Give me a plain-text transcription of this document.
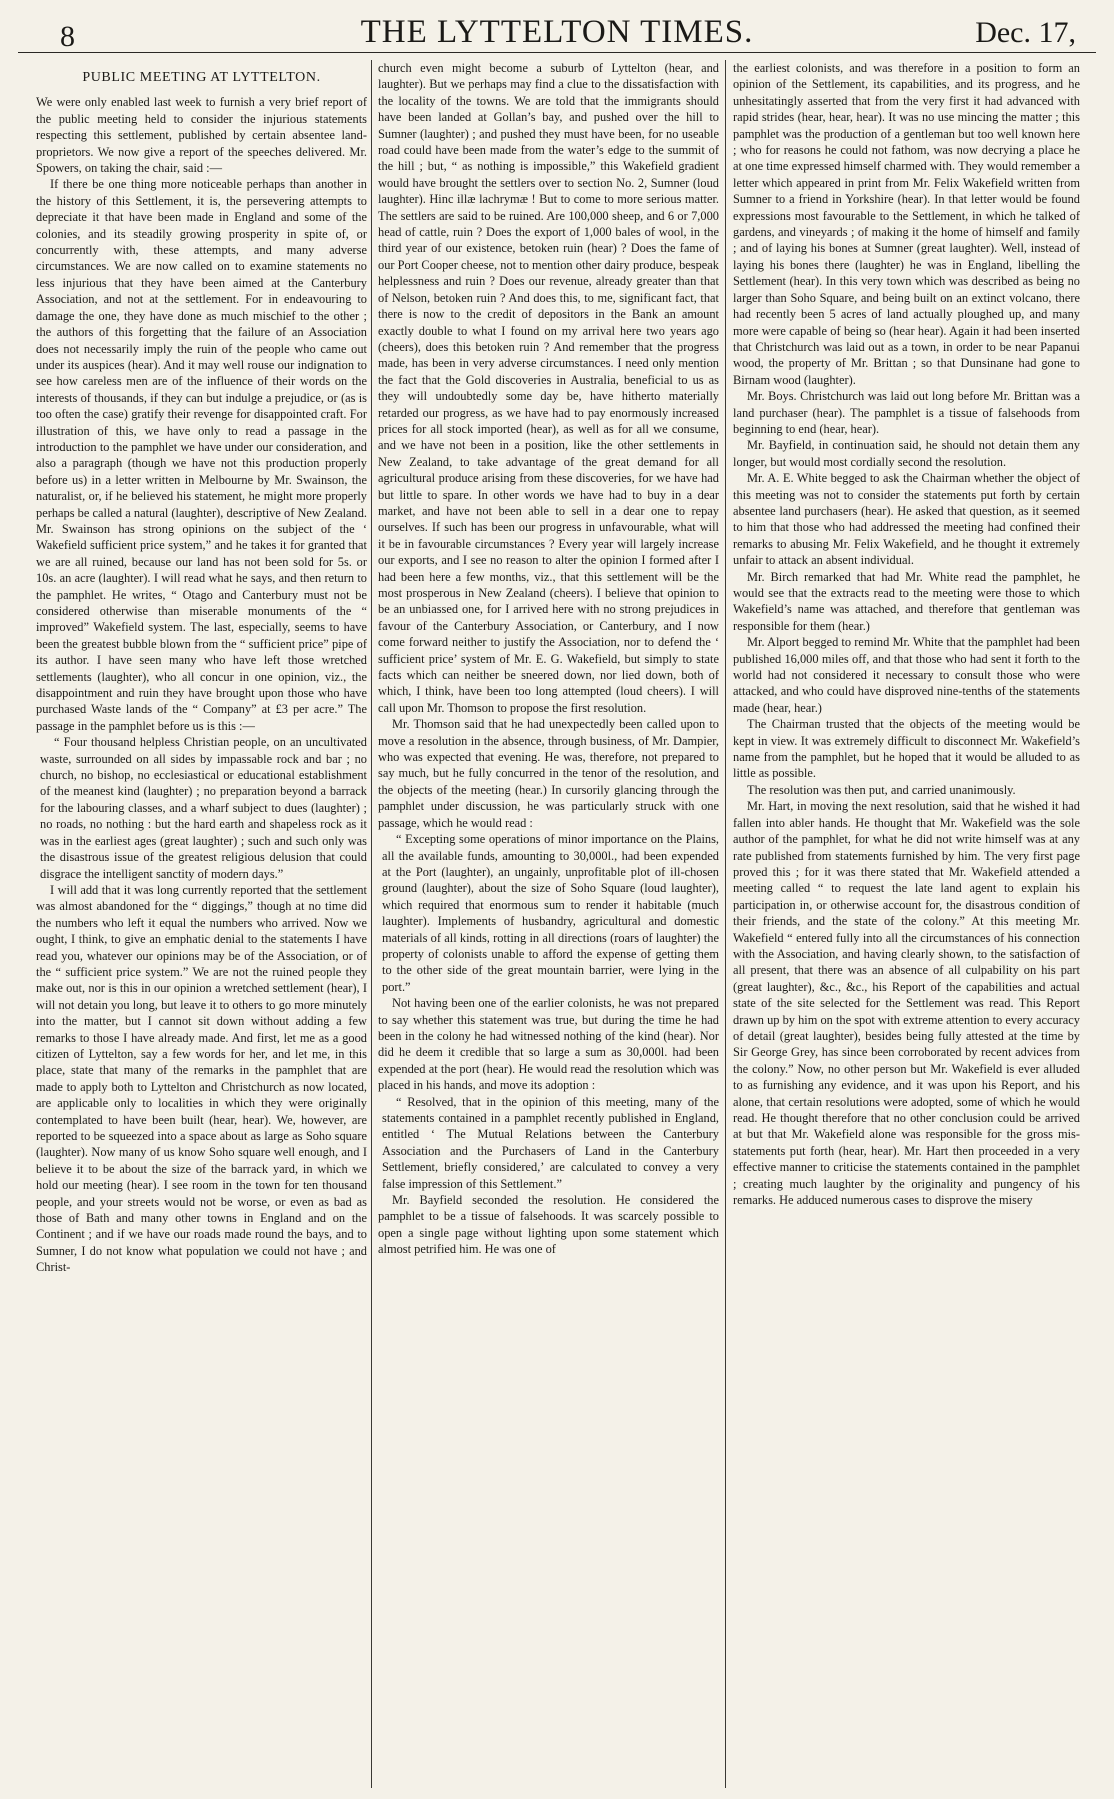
8	THE LYTTELTON TIMES.	Dec. 17,
PUBLIC MEETING AT LYTTELTON.

We were only enabled last week to furnish a very brief report of the public meeting held to consider the injurious statements respecting this settlement, published by certain absentee land-proprietors. We now give a report of the speeches delivered. Mr. Spowers, on taking the chair, said :—

If there be one thing more noticeable perhaps than another in the history of this Settlement, it is, the persevering attempts to depreciate it that have been made in England and some of the colonies, and its steadily growing prosperity in spite of, or concurrently with, these attempts, and many adverse circumstances. We are now called on to examine statements no less injurious that they have been aimed at the Canterbury Association, and not at the settlement. For in endeavouring to damage the one, they have done as much mischief to the other ; the authors of this forgetting that the failure of an Association does not necessarily imply the ruin of the people who came out under its auspices (hear). And it may well rouse our indignation to see how careless men are of the influence of their words on the interests of thousands, if they can but indulge a prejudice, or (as is too often the case) gratify their revenge for disappointed craft. For illustration of this, we have only to read a passage in the introduction to the pamphlet we have under our consideration, and also a paragraph (though we have not this production properly before us) in a letter written in Melbourne by Mr. Swainson, the naturalist, or, if he believed his statement, he might more properly perhaps be called a natural (laughter), descriptive of New Zealand. Mr. Swainson has strong opinions on the subject of the ‘ Wakefield sufficient price system,” and he takes it for granted that we are all ruined, because our land has not been sold for 5s. or 10s. an acre (laughter). I will read what he says, and then return to the pamphlet. He writes, “ Otago and Canterbury must not be considered otherwise than miserable monuments of the “ improved” Wakefield system. The last, especially, seems to have been the greatest bubble blown from the “ sufficient price” pipe of its author. I have seen many who have left those wretched settlements (laughter), who all concur in one opinion, viz., the disappointment and ruin they have brought upon those who have purchased Waste lands of the “ Company” at £3 per acre.” The passage in the pamphlet before us is this :—

“ Four thousand helpless Christian people, on an uncultivated waste, surrounded on all sides by impassable rock and bar ; no church, no bishop, no ecclesiastical or educational establishment of the meanest kind (laughter) ; no preparation beyond a barrack for the labouring classes, and a wharf subject to dues (laughter) ; no roads, no nothing : but the hard earth and shapeless rock as it was in the earliest ages (great laughter) ; such and such only was the disastrous issue of the greatest religious delusion that could disgrace the intelligent sanctity of modern days.”

I will add that it was long currently reported that the settlement was almost abandoned for the “ diggings,” though at no time did the numbers who left it equal the numbers who arrived. Now we ought, I think, to give an emphatic denial to the statements I have read you, whatever our opinions may be of the Association, or of the “ sufficient price system.” We are not the ruined people they make out, nor is this in our opinion a wretched settlement (hear), I will not detain you long, but leave it to others to go more minutely into the matter, but I cannot sit down without adding a few remarks to those I have already made. And first, let me as a good citizen of Lyttelton, say a few words for her, and let me, in this place, state that many of the remarks in the pamphlet that are made to apply both to Lyttelton and Christchurch as now located, are applicable only to localities in which they were originally contemplated to have been built (hear, hear). We, however, are reported to be squeezed into a space about as large as Soho square (laughter). Now many of us know Soho square well enough, and I believe it to be about the size of the barrack yard, in which we hold our meeting (hear). I see room in the town for ten thousand people, and your streets would not be worse, or even as bad as those of Bath and many other towns in England and on the Continent ; and if we have our roads made round the bays, and to Sumner, I do not know what population we could not have ; and Christ-

church even might become a suburb of Lyttelton (hear, and laughter). But we perhaps may find a clue to the dissatisfaction with the locality of the towns. We are told that the immigrants should have been landed at Gollan’s bay, and pushed over the hill to Sumner (laughter) ; and pushed they must have been, for no useable road could have been made from the water’s edge to the summit of the hill ; but, “ as nothing is impossible,” this Wakefield gradient would have brought the settlers over to section No. 2, Sumner (loud laughter). Hinc illæ lachrymæ ! But to come to more serious matter. The settlers are said to be ruined. Are 100,000 sheep, and 6 or 7,000 head of cattle, ruin ? Does the export of 1,000 bales of wool, in the third year of our existence, betoken ruin (hear) ? Does the fame of our Port Cooper cheese, not to mention other dairy produce, bespeak helplessness and ruin ? Does our revenue, already greater than that of Nelson, betoken ruin ? And does this, to me, significant fact, that there is now to the credit of depositors in the Bank an amount exactly double to what I found on my arrival here two years ago (cheers), does this betoken ruin ? And remember that the progress made, has been in very adverse circumstances. I need only mention the fact that the Gold discoveries in Australia, beneficial to us as they will undoubtedly some day be, have hitherto materially retarded our progress, as we have had to pay enormously increased prices for all stock imported (hear), as well as for all we consume, and we have not been in a position, like the other settlements in New Zealand, to take advantage of the great demand for all agricultural produce arising from these discoveries, for we have had but little to spare. In other words we have had to buy in a dear market, and have not been able to sell in a dear one to repay ourselves. If such has been our progress in unfavourable, what will it be in favourable circumstances ? Every year will largely increase our exports, and I see no reason to alter the opinion I formed after I had been here a few months, viz., that this settlement will be the most prosperous in New Zealand (cheers). I believe that opinion to be an unbiassed one, for I arrived here with no strong prejudices in favour of the Canterbury Association, or Canterbury, and I now come forward neither to justify the Association, nor to defend the ‘ sufficient price’ system of Mr. E. G. Wakefield, but simply to state facts which can neither be sneered down, nor lied down, both of which, I think, have been too long attempted (loud cheers). I will call upon Mr. Thomson to propose the first resolution.

Mr. Thomson said that he had unexpectedly been called upon to move a resolution in the absence, through business, of Mr. Dampier, who was expected that evening. He was, therefore, not prepared to say much, but he fully concurred in the tenor of the resolution, and the objects of the meeting (hear.) In cursorily glancing through the pamphlet under discussion, he was particularly struck with one passage, which he would read :

“ Excepting some operations of minor importance on the Plains, all the available funds, amounting to 30,000l., had been expended at the Port (laughter), an ungainly, unprofitable plot of ill-chosen ground (laughter), about the size of Soho Square (loud laughter), which required that enormous sum to render it habitable (much laughter). Implements of husbandry, agricultural and domestic materials of all kinds, rotting in all directions (roars of laughter) the property of colonists unable to afford the expense of getting them to the other side of the great mountain barrier, were lying in the port.”

Not having been one of the earlier colonists, he was not prepared to say whether this statement was true, but during the time he had been in the colony he had witnessed nothing of the kind (hear). Nor did he deem it credible that so large a sum as 30,000l. had been expended at the port (hear). He would read the resolution which was placed in his hands, and move its adoption :

“ Resolved, that in the opinion of this meeting, many of the statements contained in a pamphlet recently published in England, entitled ‘ The Mutual Relations between the Canterbury Association and the Purchasers of Land in the Canterbury Settlement, briefly considered,’ are calculated to convey a very false impression of this Settlement.”

Mr. Bayfield seconded the resolution. He considered the pamphlet to be a tissue of falsehoods. It was scarcely possible to open a single page without lighting upon some statement which almost petrified him. He was one of

the earliest colonists, and was therefore in a position to form an opinion of the Settlement, its capabilities, and its progress, and he unhesitatingly asserted that from the very first it had advanced with rapid strides (hear, hear, hear). It was no use mincing the matter ; this pamphlet was the production of a gentleman but too well known here ; who for reasons he could not fathom, was now decrying a place he at one time expressed himself charmed with. They would remember a letter which appeared in print from Mr. Felix Wakefield written from Sumner to a friend in Yorkshire (hear). In that letter would be found expressions most favourable to the Settlement, in which he talked of gardens, and vineyards ; of making it the home of himself and family ; and of laying his bones at Sumner (great laughter). Well, instead of laying his bones there (laughter) he was in England, libelling the Settlement (hear). In this very town which was described as being no larger than Soho Square, and being built on an extinct volcano, there had recently been 5 acres of land actually ploughed up, and many more were capable of being so (hear hear). Again it had been inserted that Christchurch was laid out as a town, in order to be near Papanui wood, the property of Mr. Brittan ; so that Dunsinane had gone to Birnam wood (laughter).

Mr. Boys. Christchurch was laid out long before Mr. Brittan was a land purchaser (hear). The pamphlet is a tissue of falsehoods from beginning to end (hear, hear).

Mr. Bayfield, in continuation said, he should not detain them any longer, but would most cordially second the resolution.

Mr. A. E. White begged to ask the Chairman whether the object of this meeting was not to consider the statements put forth by certain absentee land purchasers (hear). He asked that question, as it seemed to him that those who had addressed the meeting had confined their remarks to abusing Mr. Felix Wakefield, and he thought it extremely unfair to attack an absent individual.

Mr. Birch remarked that had Mr. White read the pamphlet, he would see that the extracts read to the meeting were those to which Wakefield’s name was attached, and therefore that gentleman was responsible for them (hear.)

Mr. Alport begged to remind Mr. White that the pamphlet had been published 16,000 miles off, and that those who had sent it forth to the world had not considered it necessary to consult those who were attacked, and who could have disproved nine-tenths of the statements made (hear, hear.)

The Chairman trusted that the objects of the meeting would be kept in view. It was extremely difficult to disconnect Mr. Wakefield’s name from the pamphlet, but he hoped that it would be alluded to as little as possible.

The resolution was then put, and carried unanimously.

Mr. Hart, in moving the next resolution, said that he wished it had fallen into abler hands. He thought that Mr. Wakefield was the sole author of the pamphlet, for what he did not write himself was at any rate published from statements furnished by him. The very first page proved this ; for it was there stated that Mr. Wakefield attended a meeting called “ to request the late land agent to explain his participation in, or otherwise account for, the disastrous condition of their friends, and the state of the colony.” At this meeting Mr. Wakefield “ entered fully into all the circumstances of his connection with the Association, and having clearly shown, to the satisfaction of all present, that there was an absence of all culpability on his part (great laughter), &c., &c., his Report of the capabilities and actual state of the site selected for the Settlement was read. This Report drawn up by him on the spot with extreme attention to every accuracy of detail (great laughter), besides being fully attested at the time by Sir George Grey, has since been corroborated by recent advices from the colony.” Now, no other person but Mr. Wakefield is ever alluded to as furnishing any evidence, and it was upon his Report, and his alone, that certain resolutions were adopted, some of which he would read. He thought therefore that no other conclusion could be arrived at but that Mr. Wakefield alone was responsible for the gross mis-statements put forth (hear, hear). Mr. Hart then proceeded in a very effective manner to criticise the statements contained in the pamphlet ; creating much laughter by the originality and pungency of his remarks. He adduced numerous cases to disprove the misery
